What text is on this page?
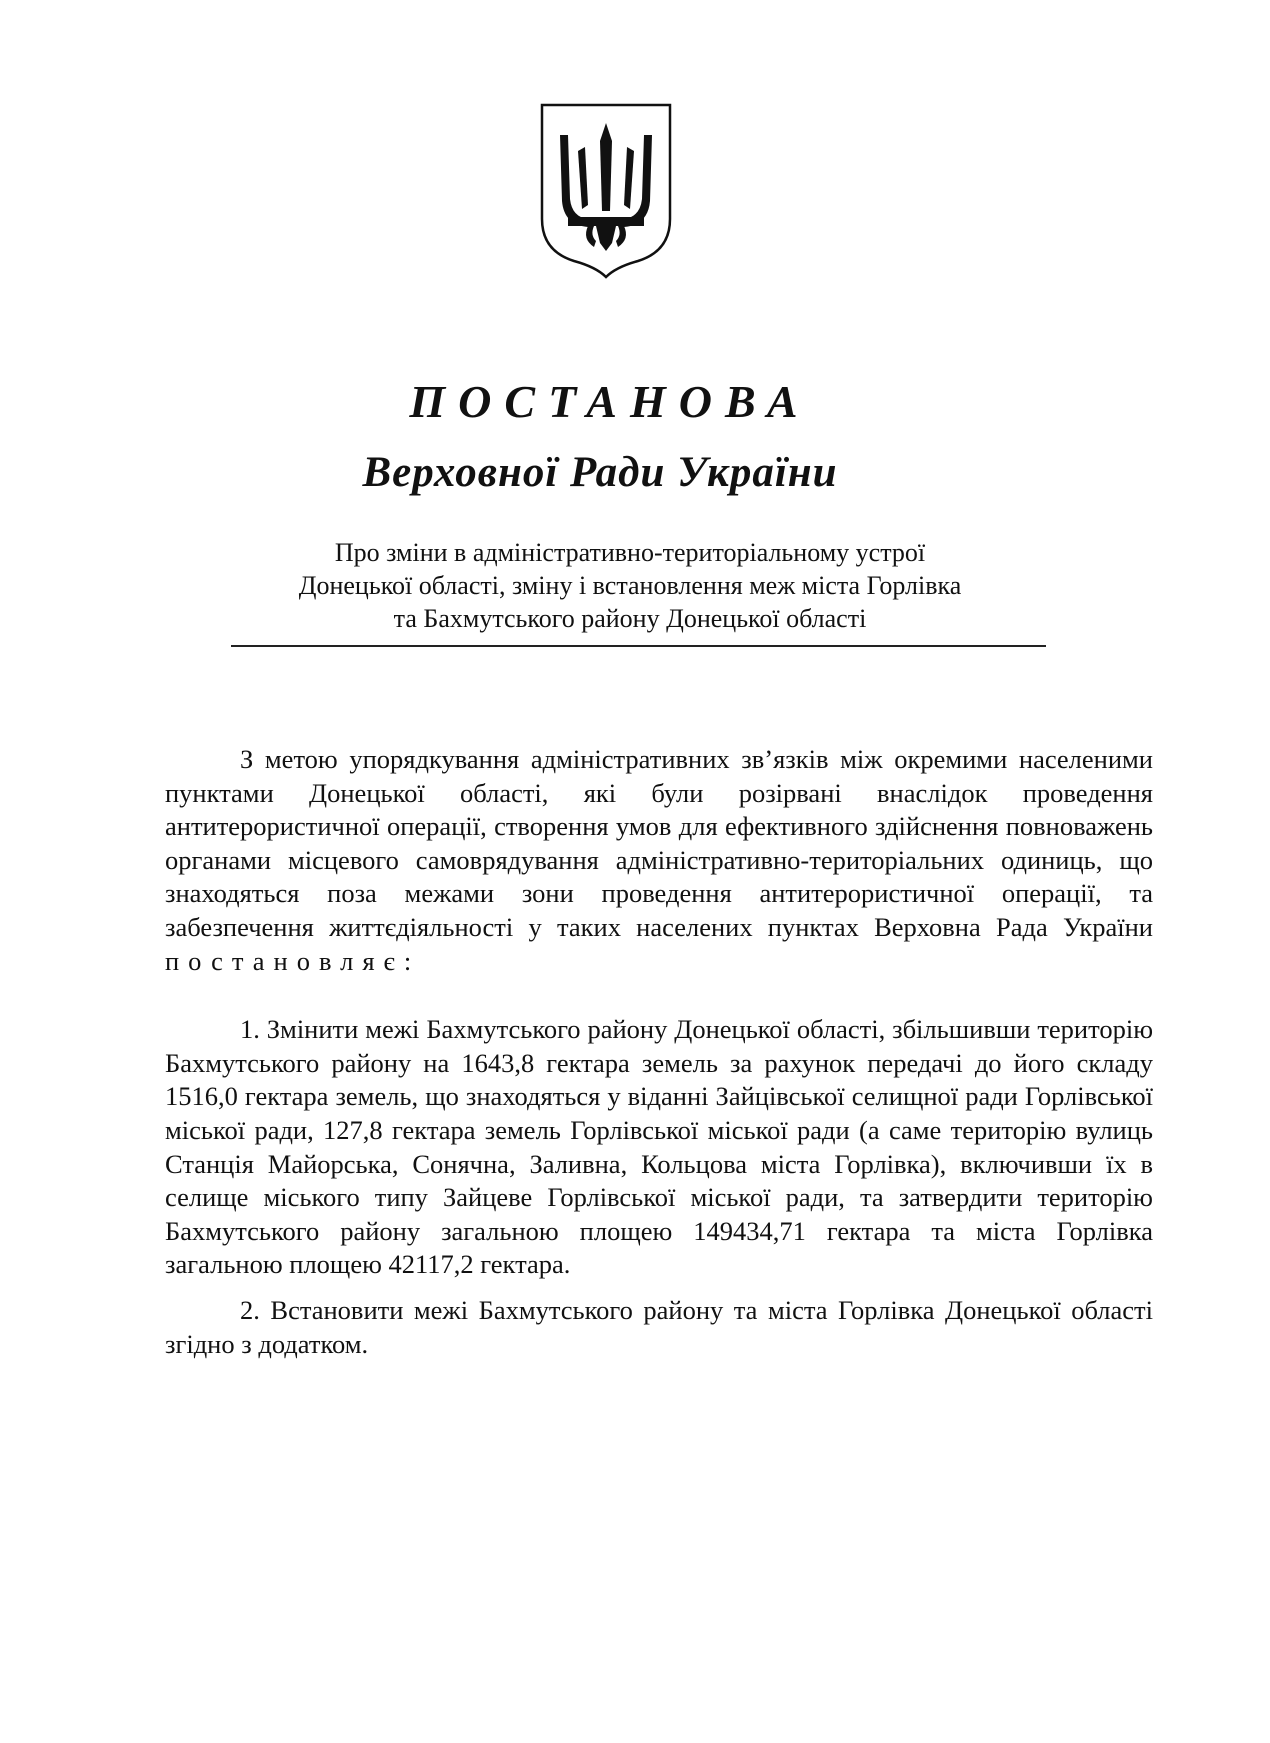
ПОСТАНОВА
Верховної Ради України
Про зміни в адміністративно-територіальному устрої
Донецької області, зміну і встановлення меж міста Горлівка
та Бахмутського району Донецької області

З метою упорядкування адміністративних зв’язків між окремими населеними пунктами Донецької області, які були розірвані внаслідок проведення антитерористичної операції, створення умов для ефективного здійснення повноважень органами місцевого самоврядування адміністративно-територіальних одиниць, що знаходяться поза межами зони проведення антитерористичної операції, та забезпечення життєдіяльності у таких населених пунктах Верховна Рада України постановляє:

1. Змінити межі Бахмутського району Донецької області, збільшивши територію Бахмутського району на 1643,8 гектара земель за рахунок передачі до його складу 1516,0 гектара земель, що знаходяться у віданні Зайцівської селищної ради Горлівської міської ради, 127,8 гектара земель Горлівської міської ради (а саме територію вулиць Станція Майорська, Сонячна, Заливна, Кольцова міста Горлівка), включивши їх в селище міського типу Зайцеве Горлівської міської ради, та затвердити територію Бахмутського району загальною площею 149434,71 гектара та міста Горлівка загальною площею 42117,2 гектара.

2. Встановити межі Бахмутського району та міста Горлівка Донецької області згідно з додатком.
